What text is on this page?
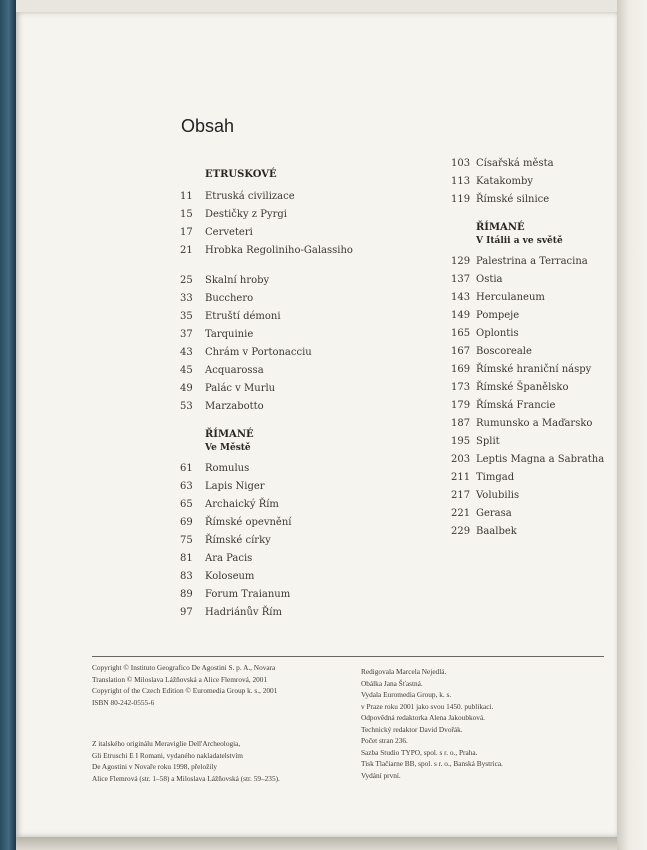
Obsah
ETRUSKOVÉ
11	Etruská civilizace
15	Destičky z Pyrgi
17	Cerveteri
21	Hrobka Regoliniho-Galassiho
25	Skalní hroby
33	Bucchero
35	Etruští démoni
37	Tarquinie
43	Chrám v Portonacciu
45	Acquarossa
49	Palác v Murlu
53	Marzabotto
ŘÍMANÉ
Ve Městě
61	Romulus
63	Lapis Niger
65	Archaický Řím
69	Římské opevnění
75	Římské círky
81	Ara Pacis
83	Koloseum
89	Forum Traianum
97	Hadriánův Řím
103 Císařská města
113 Katakomby
119 Římské silnice
ŘÍMANÉ
V Itálii a ve světě
129 Palestrina a Terracina
137 Ostia
143 Herculaneum
149 Pompeje
165 Oplontis
167 Boscoreale
169 Římské hraniční náspy
173 Římské Španělsko
179 Římská Francie
187 Rumunsko a Maďarsko
195 Split
203 Leptis Magna a Sabratha
211 Timgad
217 Volubilis
221 Gerasa
229 Baalbek
Copyright © Instituto Geografico De Agostini S. p. A., Novara
Translation © Miloslava Lážňovská a Alice Flemrová, 2001
Copyright of the Czech Edition © Euromedia Group k. s., 2001
ISBN 80-242-0555-6
Z italského originálu Meraviglie Dell'Archeologia,
Gli Etruschi E I Romani, vydaného nakladatelstvím
De Agostini v Novaře roku 1998, přeložily
Alice Flemrová (str. 1–58) a Miloslava Lážňovská (str. 59–235).
Redigovala Marcela Nejedlá.
Obálka Jana Šťastná.
Vydala Euromedia Group, k. s.
v Praze roku 2001 jako svou 1450. publikaci.
Odpovědná redaktorka Alena Jakoubková.
Technický redaktor David Dvořák.
Počet stran 236.
Sazba Studio TYPO, spol. s r. o., Praha.
Tisk Tlačiarne BB, spol. s r. o., Banská Bystrica.
Vydání první.
